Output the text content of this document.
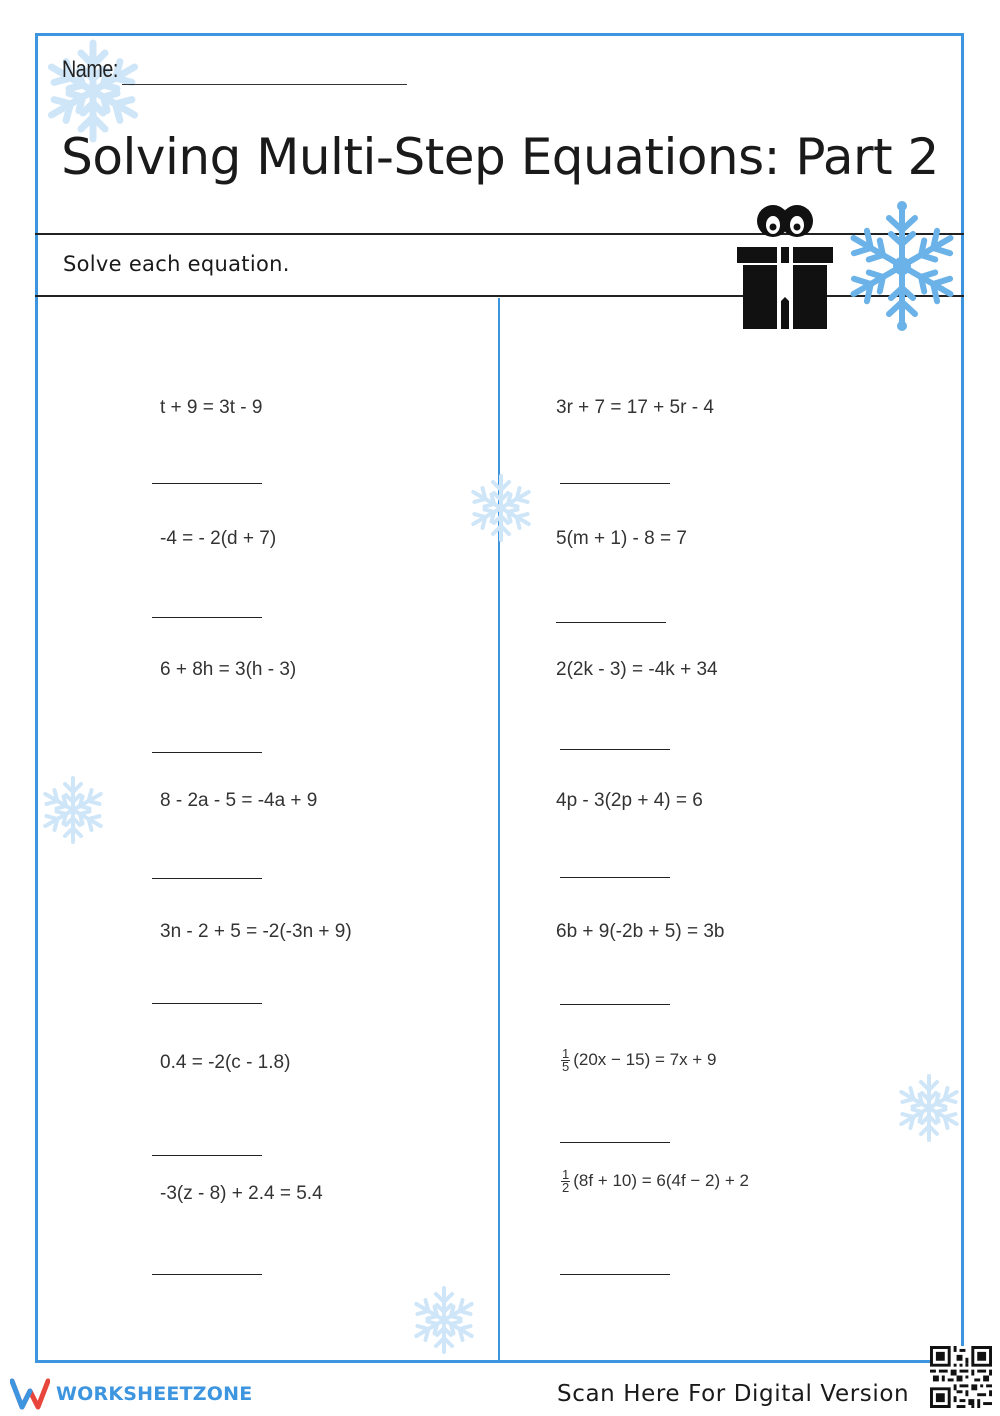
Name:
Solving Multi-Step Equations: Part 2
Solve each equation.
t + 9 = 3t - 9
-4 = - 2(d + 7)
6 + 8h = 3(h - 3)
8 - 2a - 5 = -4a + 9
3n - 2 + 5 = -2(-3n + 9)
0.4 = -2(c - 1.8)
-3(z - 8) + 2.4 = 5.4
3r + 7 = 17 + 5r - 4
5(m + 1) - 8 = 7
2(2k - 3) = -4k + 34
4p - 3(2p + 4) = 6
6b + 9(-2b + 5) = 3b
$\frac{1}{5} (20x - 15) = 7x + 9$
$\frac{1}{2} (8f + 10) = 6(4f - 2) + 2$
WORKSHEETZONE	Scan Here For Digital Version
